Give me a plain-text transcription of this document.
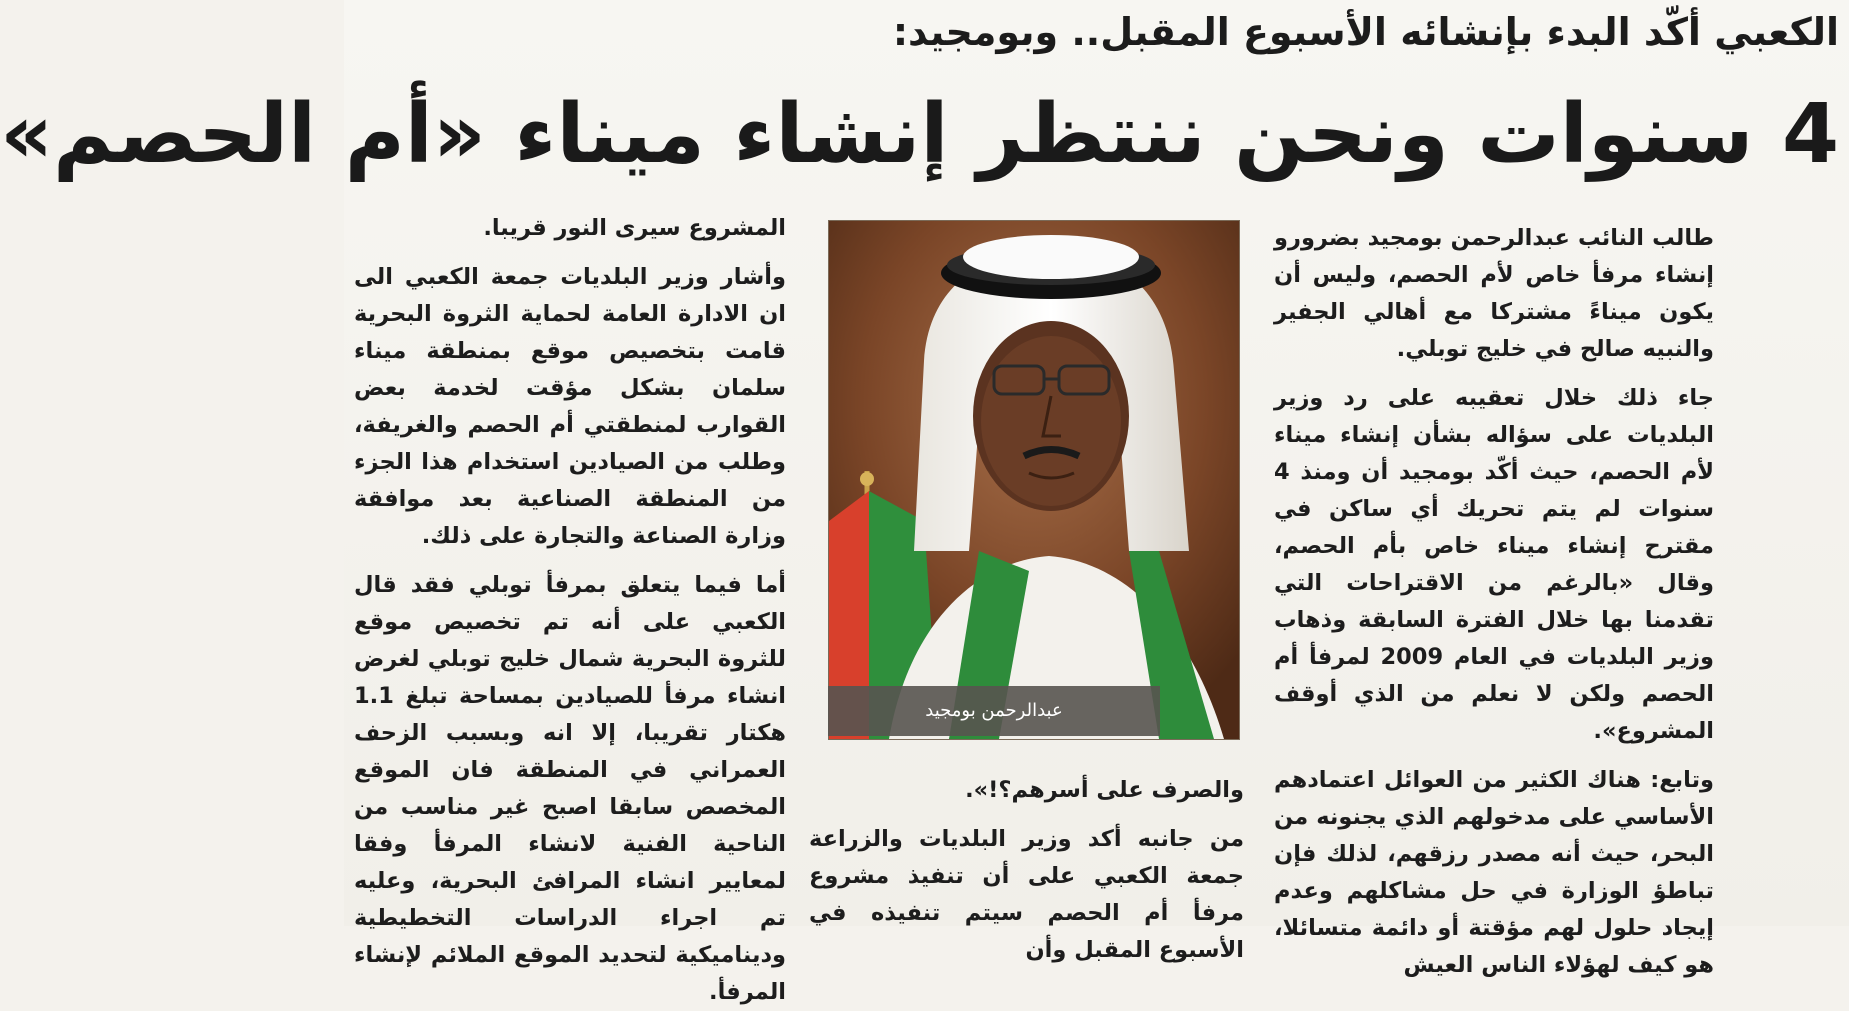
الكعبي أكّد البدء بإنشائه الأسبوع المقبل.. وبومجيد:
4 سنوات ونحن ننتظر إنشاء ميناء «أم الحصم»

طالب النائب عبدالرحمن بومجيد بضرورو إنشاء مرفأ خاص لأم الحصم، وليس أن يكون ميناءً مشتركا مع أهالي الجفير والنبيه صالح في خليج توبلي.

جاء ذلك خلال تعقيبه على رد وزير البلديات على سؤاله بشأن إنشاء ميناء لأم الحصم، حيث أكّد بومجيد أن ومنذ 4 سنوات لم يتم تحريك أي ساكن في مقترح إنشاء ميناء خاص بأم الحصم، وقال «بالرغم من الاقتراحات التي تقدمنا بها خلال الفترة السابقة وذهاب وزير البلديات في العام 2009 لمرفأ أم الحصم ولكن لا نعلم من الذي أوقف المشروع».

وتابع: هناك الكثير من العوائل اعتمادهم الأساسي على مدخولهم الذي يجنونه من البحر، حيث أنه مصدر رزقهم، لذلك فإن تباطؤ الوزارة في حل مشاكلهم وعدم إيجاد حلول لهم مؤقتة أو دائمة متسائلا، هو كيف لهؤلاء الناس العيش

عبدالرحمن بومجيد

والصرف على أسرهم؟!».

من جانبه أكد وزير البلديات والزراعة جمعة الكعبي على أن تنفيذ مشروع مرفأ أم الحصم سيتم تنفيذه في الأسبوع المقبل وأن

المشروع سيرى النور قريبا.

وأشار وزير البلديات جمعة الكعبي الى ان الادارة العامة لحماية الثروة البحرية قامت بتخصيص موقع بمنطقة ميناء سلمان بشكل مؤقت لخدمة بعض القوارب لمنطقتي أم الحصم والغريفة، وطلب من الصيادين استخدام هذا الجزء من المنطقة الصناعية بعد موافقة وزارة الصناعة والتجارة على ذلك.

أما فيما يتعلق بمرفأ توبلي فقد قال الكعبي على أنه تم تخصيص موقع للثروة البحرية شمال خليج توبلي لغرض انشاء مرفأ للصيادين بمساحة تبلغ 1.1 هكتار تقريبا، إلا انه وبسبب الزحف العمراني في المنطقة فان الموقع المخصص سابقا اصبح غير مناسب من الناحية الفنية لانشاء المرفأ وفقا لمعايير انشاء المرافئ البحرية، وعليه تم اجراء الدراسات التخطيطية وديناميكية لتحديد الموقع الملائم لإنشاء المرفأ.
